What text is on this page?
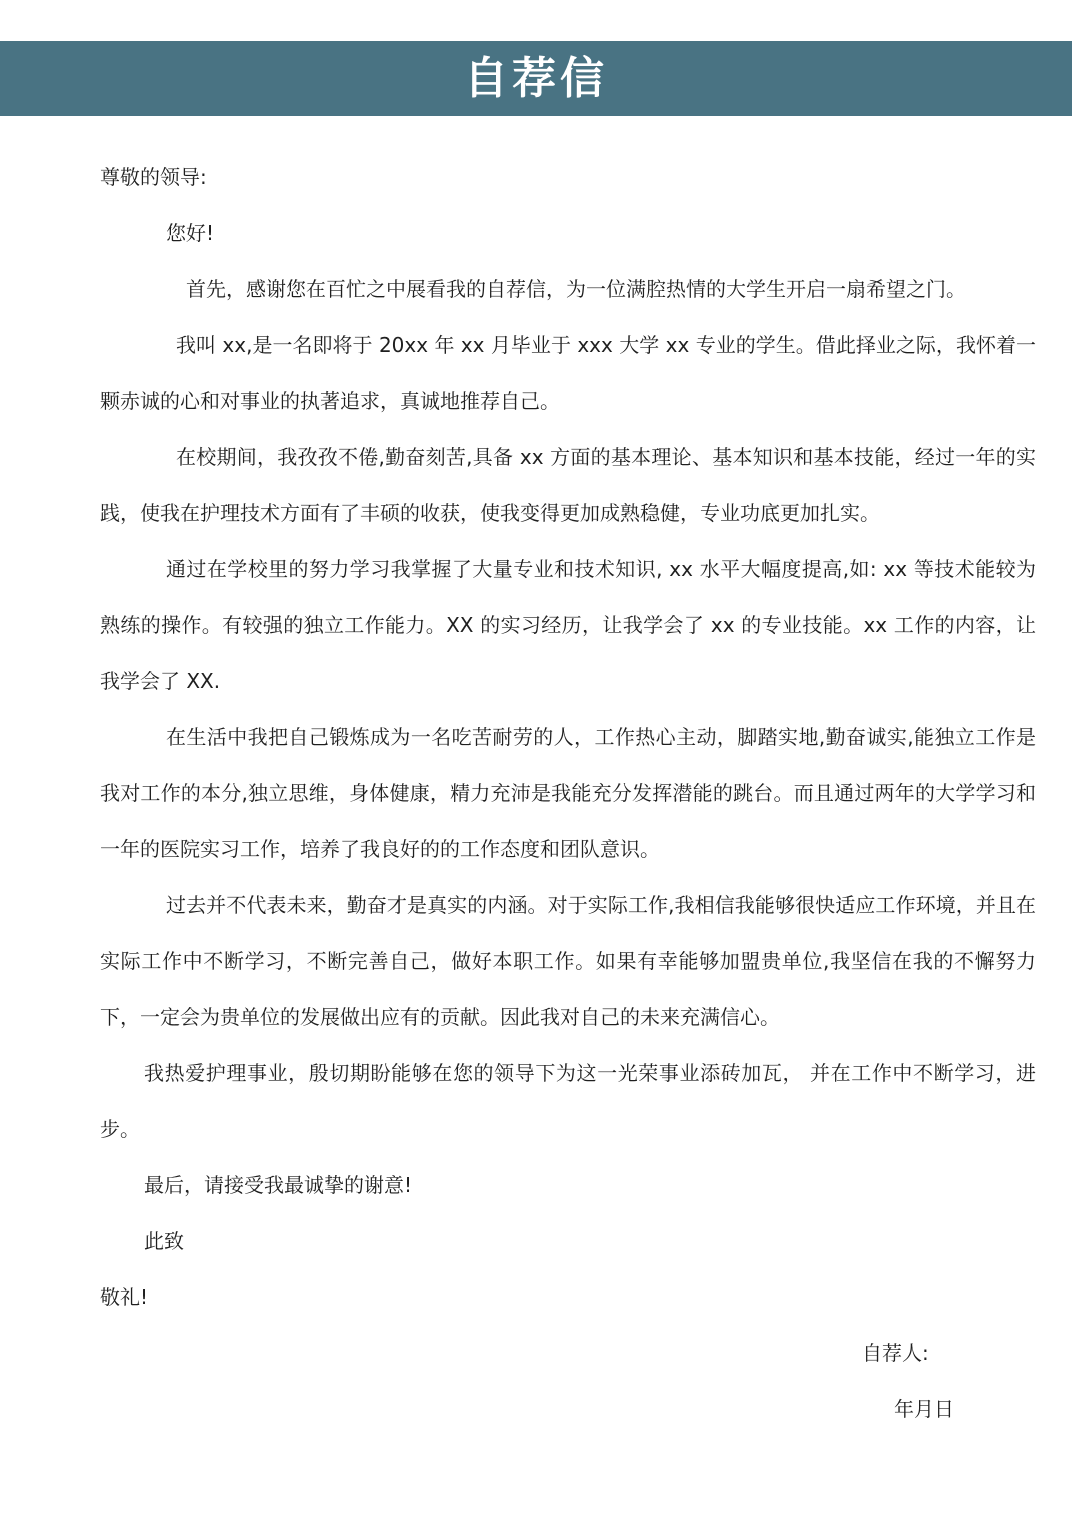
自荐信
尊敬的领导:
您好!

首先，感谢您在百忙之中展看我的自荐信，为一位满腔热情的大学生开启一扇希望之门。

我叫 xx,是一名即将于 20xx 年 xx 月毕业于 xxx 大学 xx 专业的学生。借此择业之际，我怀着一颗赤诚的心和对事业的执著追求，真诚地推荐自己。

在校期间，我孜孜不倦,勤奋刻苦,具备 xx 方面的基本理论、基本知识和基本技能，经过一年的实践，使我在护理技术方面有了丰硕的收获，使我变得更加成熟稳健，专业功底更加扎实。

通过在学校里的努力学习我掌握了大量专业和技术知识, xx 水平大幅度提高,如: xx 等技术能较为熟练的操作。有较强的独立工作能力。XX 的实习经历，让我学会了 xx 的专业技能。xx 工作的内容，让我学会了 XX.

在生活中我把自己锻炼成为一名吃苦耐劳的人，工作热心主动，脚踏实地,勤奋诚实,能独立工作是我对工作的本分,独立思维，身体健康，精力充沛是我能充分发挥潜能的跳台。而且通过两年的大学学习和一年的医院实习工作，培养了我良好的的工作态度和团队意识。

过去并不代表未来，勤奋才是真实的内涵。对于实际工作,我相信我能够很快适应工作环境，并且在实际工作中不断学习，不断完善自己，做好本职工作。如果有幸能够加盟贵单位,我坚信在我的不懈努力下，一定会为贵单位的发展做出应有的贡献。因此我对自己的未来充满信心。

我热爱护理事业，殷切期盼能够在您的领导下为这一光荣事业添砖加瓦， 并在工作中不断学习，进步。

最后，请接受我最诚挚的谢意!

此致
敬礼!
自荐人:
年月日
